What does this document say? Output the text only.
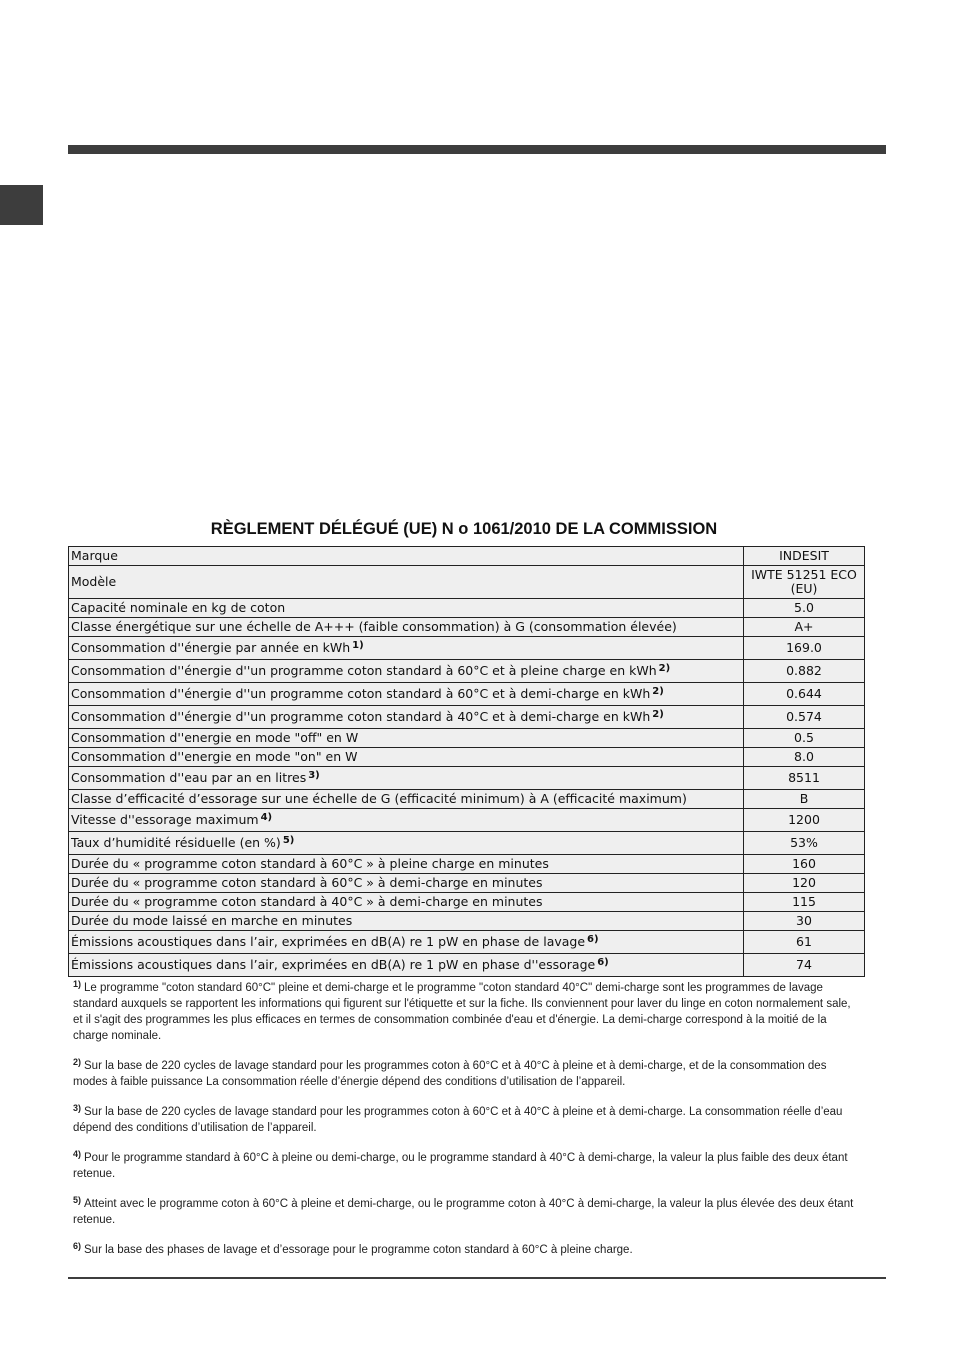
RÈGLEMENT DÉLÉGUÉ (UE) N o 1061/2010 DE LA COMMISSION
Marque	INDESIT
Modèle	IWTE 51251 ECO (EU)
Capacité nominale en kg de coton	5.0
Classe énergétique sur une échelle de A+++ (faible consommation) à G (consommation élevée)	A+
Consommation d''énergie par année en kWh $^{1)}$	169.0
Consommation d''énergie d''un programme coton standard à 60°C et à pleine charge en kWh $^{2)}$	0.882
Consommation d''énergie d''un programme coton standard à 60°C et à demi-charge en kWh $^{2)}$	0.644
Consommation d''énergie d''un programme coton standard à 40°C et à demi-charge en kWh $^{2)}$	0.574
Consommation d''energie en mode "off" en W	0.5
Consommation d''energie en mode "on" en W	8.0
Consommation d''eau par an en litres $^{3)}$	8511
Classe d’efficacité d’essorage sur une échelle de G (efficacité minimum) à A (efficacité maximum)	B
Vitesse d''essorage maximum $^{4)}$	1200
Taux d’humidité résiduelle (en %) $^{5)}$	53%
Durée du « programme coton standard à 60°C » à pleine charge en minutes	160
Durée du « programme coton standard à 60°C » à demi-charge en minutes	120
Durée du « programme coton standard à 40°C » à demi-charge en minutes	115
Durée du mode laissé en marche en minutes	30
Émissions acoustiques dans l’air, exprimées en dB(A) re 1 pW en phase de lavage $^{6)}$	61
Émissions acoustiques dans l’air, exprimées en dB(A) re 1 pW en phase d''essorage $^{6)}$	74

$^{1)}$ Le programme "coton standard 60°C" pleine et demi-charge et le programme "coton standard 40°C" demi-charge sont les programmes de lavage standard auxquels se rapportent les informations qui figurent sur l'étiquette et sur la fiche. Ils conviennent pour laver du linge en coton normalement sale, et il s'agit des programmes les plus efficaces en termes de consommation combinée d'eau et d'énergie. La demi-charge correspond à la moitié de la charge nominale.

$^{2)}$ Sur la base de 220 cycles de lavage standard pour les programmes coton à 60°C et à 40°C à pleine et à demi-charge, et de la consommation des modes à faible puissance La consommation réelle d’énergie dépend des conditions d’utilisation de l’appareil.

$^{3)}$ Sur la base de 220 cycles de lavage standard pour les programmes coton à 60°C et à 40°C à pleine et à demi-charge. La consommation réelle d’eau dépend des conditions d’utilisation de l’appareil.

$^{4)}$ Pour le programme standard à 60°C à pleine ou demi-charge, ou le programme standard à 40°C à demi-charge, la valeur la plus faible des deux étant retenue.

$^{5)}$ Atteint avec le programme coton à 60°C à pleine et demi-charge, ou le programme coton à 40°C à demi-charge, la valeur la plus élevée des deux étant retenue.

$^{6)}$ Sur la base des phases de lavage et d’essorage pour le programme coton standard à 60°C à pleine charge.
